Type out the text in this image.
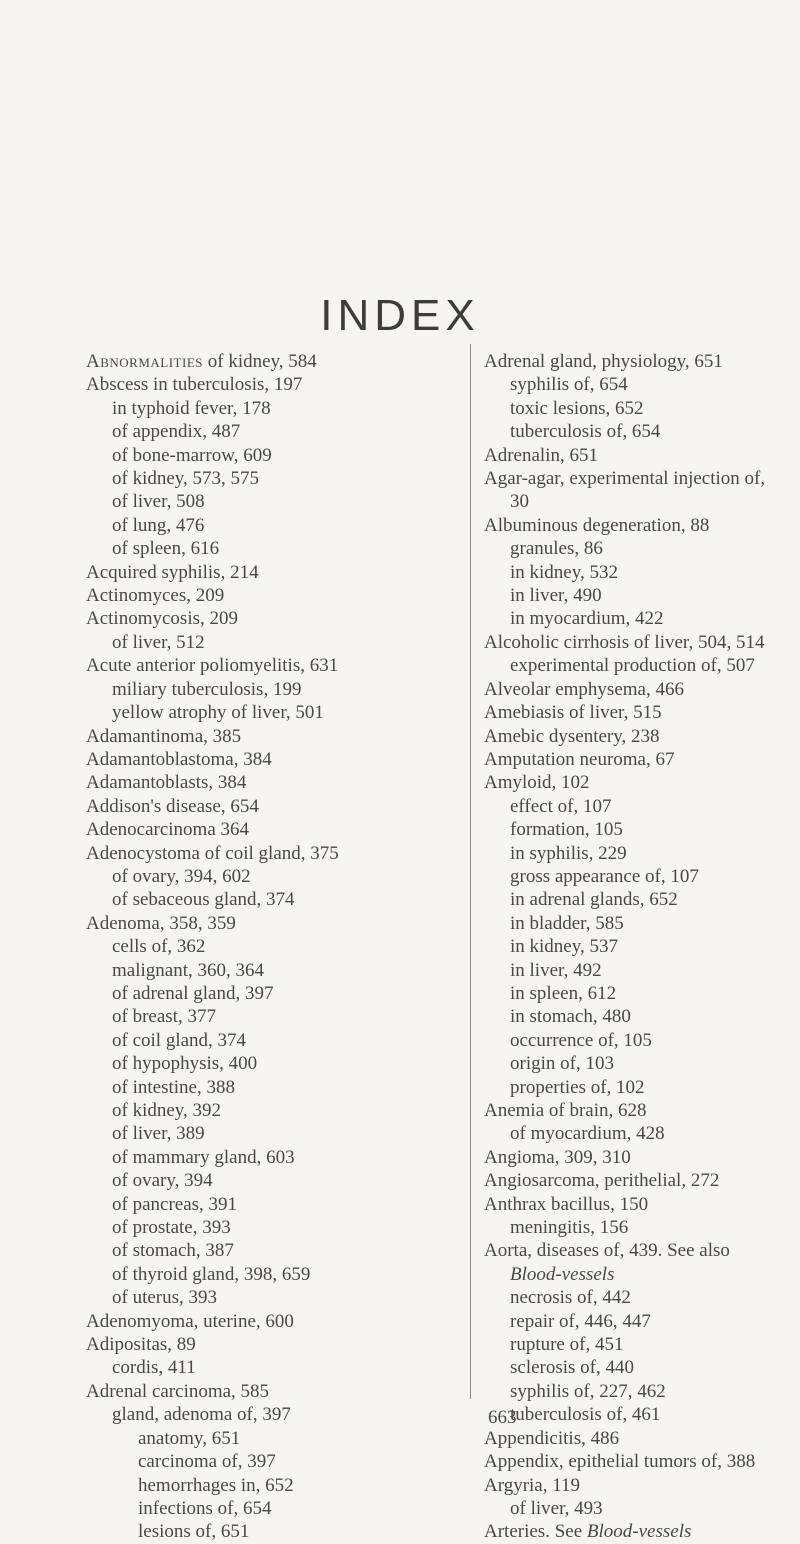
INDEX

Abnormalities of kidney, 584

Abscess in tuberculosis, 197

in typhoid fever, 178

of appendix, 487

of bone-marrow, 609

of kidney, 573, 575

of liver, 508

of lung, 476

of spleen, 616

Acquired syphilis, 214

Actinomyces, 209

Actinomycosis, 209

of liver, 512

Acute anterior poliomyelitis, 631

miliary tuberculosis, 199

yellow atrophy of liver, 501

Adamantinoma, 385

Adamantoblastoma, 384

Adamantoblasts, 384

Addison's disease, 654

Adenocarcinoma 364

Adenocystoma of coil gland, 375

of ovary, 394, 602

of sebaceous gland, 374

Adenoma, 358, 359

cells of, 362

malignant, 360, 364

of adrenal gland, 397

of breast, 377

of coil gland, 374

of hypophysis, 400

of intestine, 388

of kidney, 392

of liver, 389

of mammary gland, 603

of ovary, 394

of pancreas, 391

of prostate, 393

of stomach, 387

of thyroid gland, 398, 659

of uterus, 393

Adenomyoma, uterine, 600

Adipositas, 89

cordis, 411

Adrenal carcinoma, 585

gland, adenoma of, 397

anatomy, 651

carcinoma of, 397

hemorrhages in, 652

infections of, 654

lesions of, 651

Adrenal gland, physiology, 651

syphilis of, 654

toxic lesions, 652

tuberculosis of, 654

Adrenalin, 651

Agar-agar, experimental injection of,

30

Albuminous degeneration, 88

granules, 86

in kidney, 532

in liver, 490

in myocardium, 422

Alcoholic cirrhosis of liver, 504, 514

experimental production of, 507

Alveolar emphysema, 466

Amebiasis of liver, 515

Amebic dysentery, 238

Amputation neuroma, 67

Amyloid, 102

effect of, 107

formation, 105

in syphilis, 229

gross appearance of, 107

in adrenal glands, 652

in bladder, 585

in kidney, 537

in liver, 492

in spleen, 612

in stomach, 480

occurrence of, 105

origin of, 103

properties of, 102

Anemia of brain, 628

of myocardium, 428

Angioma, 309, 310

Angiosarcoma, perithelial, 272

Anthrax bacillus, 150

meningitis, 156

Aorta, diseases of, 439. See also

Blood-vessels

necrosis of, 442

repair of, 446, 447

rupture of, 451

sclerosis of, 440

syphilis of, 227, 462

tuberculosis of, 461

Appendicitis, 486

Appendix, epithelial tumors of, 388

Argyria, 119

of liver, 493

Arteries. See Blood-vessels

663
